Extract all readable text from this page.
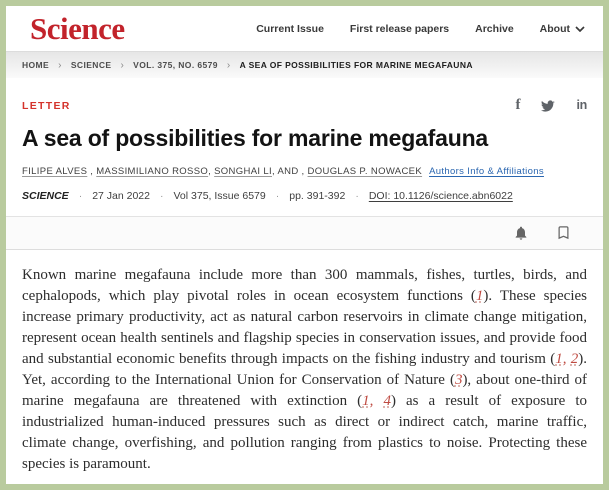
Science	Current Issue First release papers Archive About
HOME › SCIENCE › VOL. 375, NO. 6579 › A SEA OF POSSIBILITIES FOR MARINE MEGAFAUNA
LETTER	f	in
A sea of possibilities for marine megafauna
FILIPE ALVES , MASSIMILIANO ROSSO, SONGHAI LI, AND , DOUGLAS P. NOWACEK Authors Info & Affiliations
SCIENCE · 27 Jan 2022 · Vol 375, Issue 6579 · pp. 391-392 · DOI: 10.1126/science.abn6022

Known marine megafauna include more than 300 mammals, fishes, turtles, birds, and cephalopods, which play pivotal roles in ocean ecosystem functions (1). These species increase primary productivity, act as natural carbon reservoirs in climate change mitigation, represent ocean health sentinels and flagship species in conservation issues, and provide food and substantial economic benefits through impacts on the fishing industry and tourism (1, 2). Yet, according to the International Union for Conservation of Nature (3), about one-third of marine megafauna are threatened with extinction (1, 4) as a result of exposure to industrialized human-induced pressures such as direct or indirect catch, marine traffic, climate change, overfishing, and pollution ranging from plastics to noise. Protecting these species is paramount.
